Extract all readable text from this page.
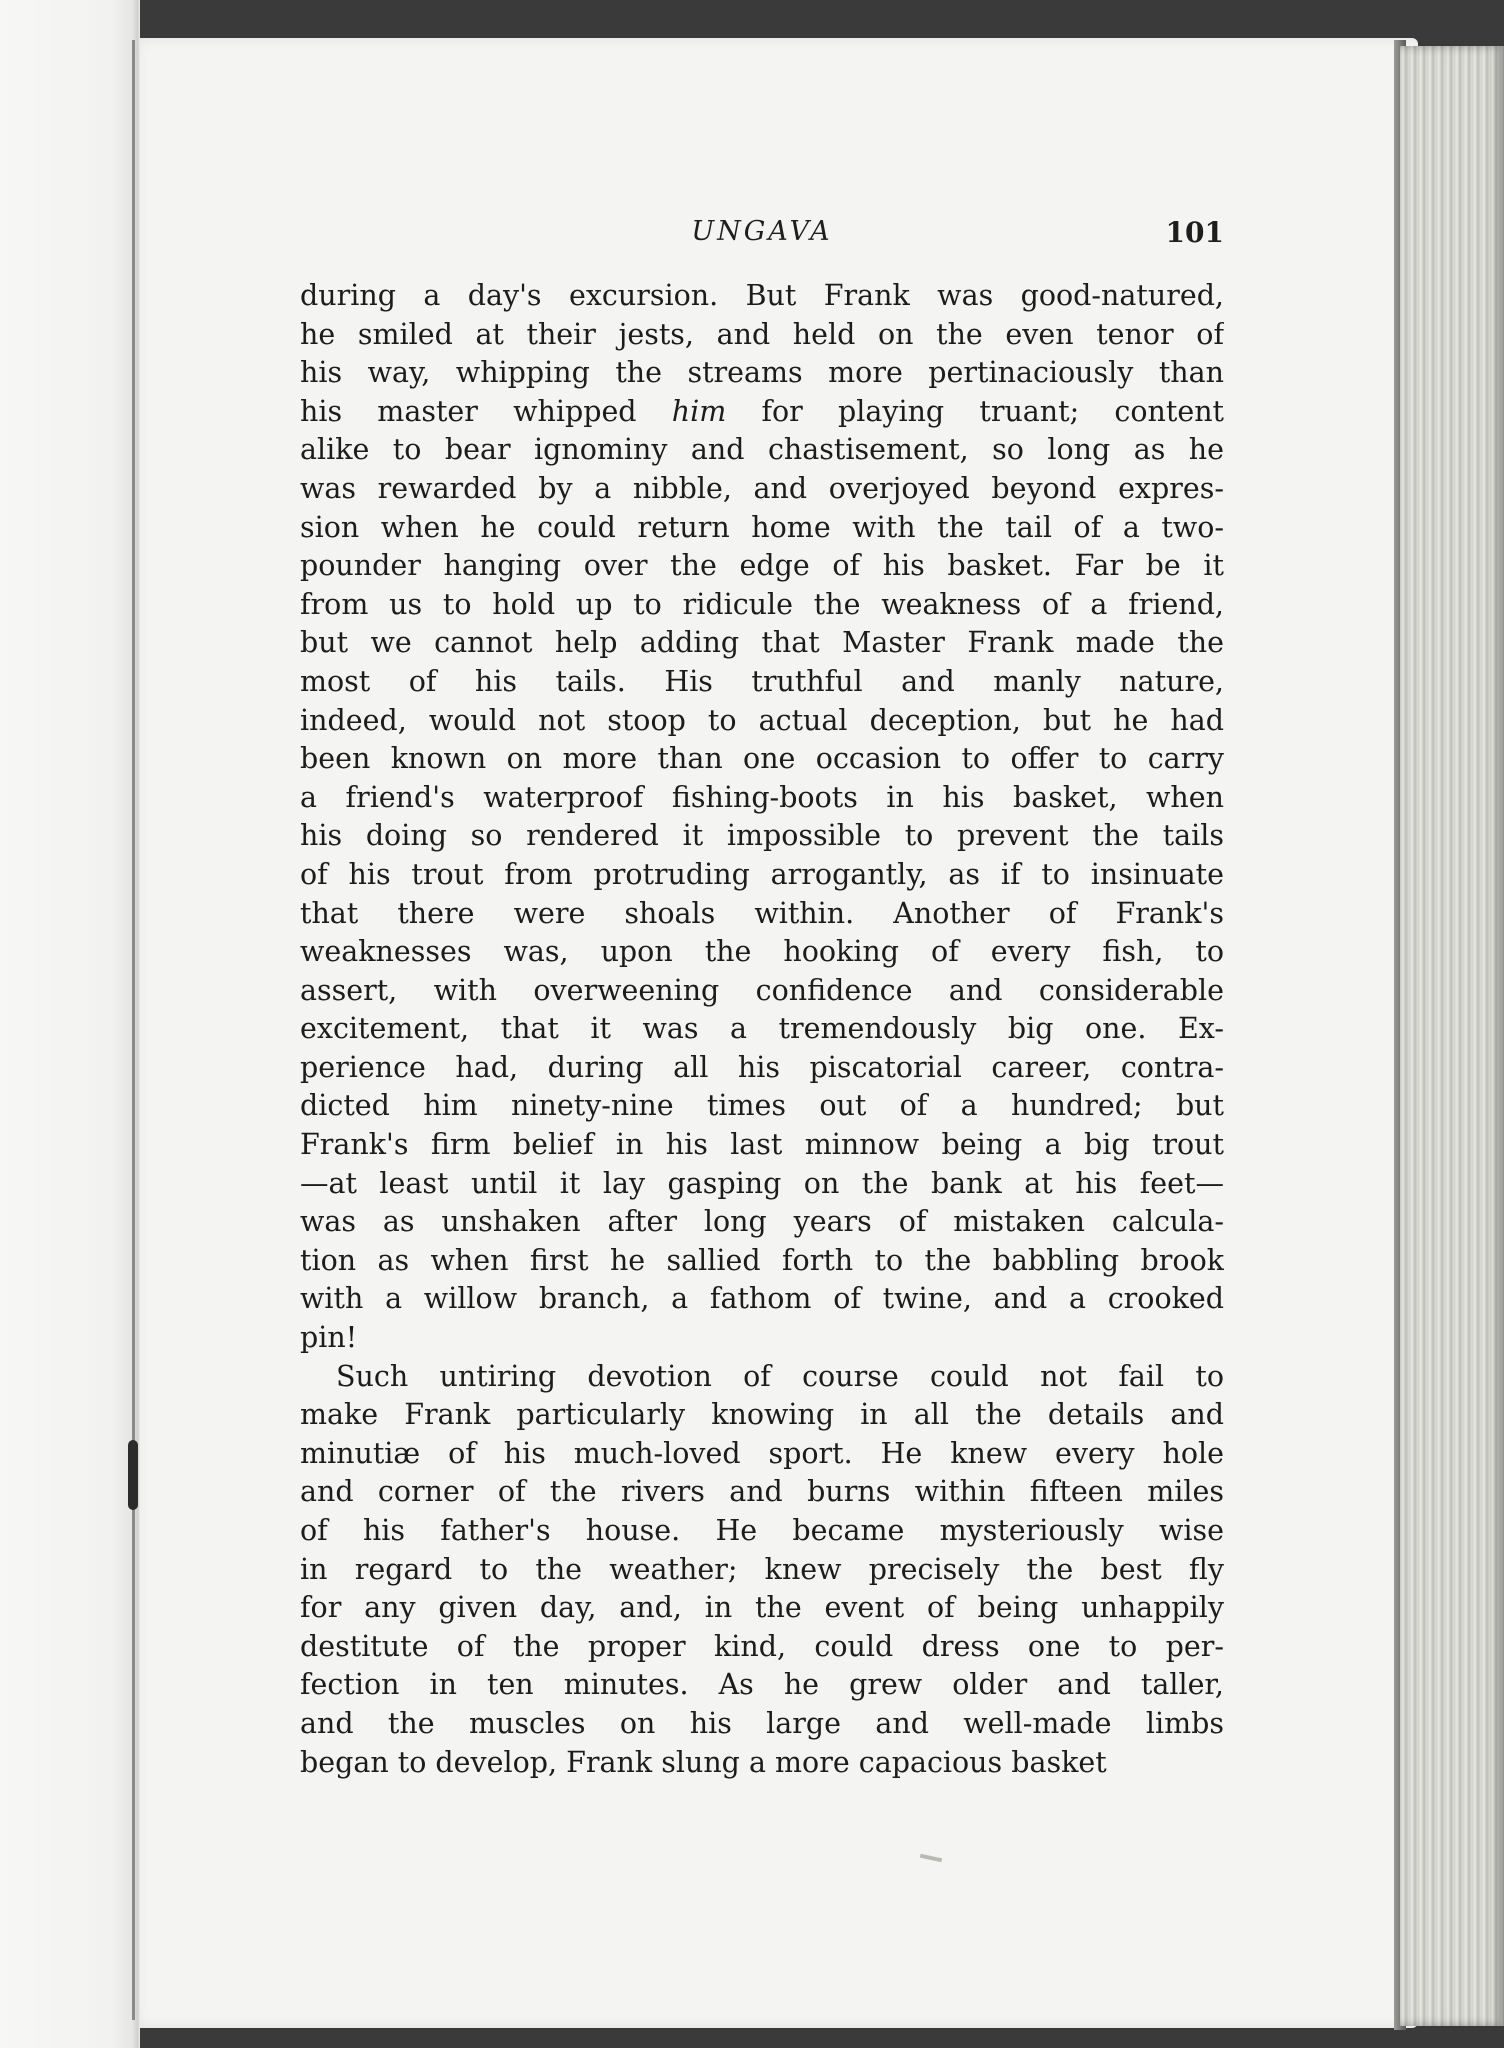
UNGAVA	101
during a day's excursion. But Frank was good-natured,
he smiled at their jests, and held on the even tenor of
his way, whipping the streams more pertinaciously than
his master whipped him for playing truant; content
alike to bear ignominy and chastisement, so long as he
was rewarded by a nibble, and overjoyed beyond expres-
sion when he could return home with the tail of a two-
pounder hanging over the edge of his basket. Far be it
from us to hold up to ridicule the weakness of a friend,
but we cannot help adding that Master Frank made the
most of his tails. His truthful and manly nature,
indeed, would not stoop to actual deception, but he had
been known on more than one occasion to offer to carry
a friend's waterproof fishing-boots in his basket, when
his doing so rendered it impossible to prevent the tails
of his trout from protruding arrogantly, as if to insinuate
that there were shoals within. Another of Frank's
weaknesses was, upon the hooking of every fish, to
assert, with overweening confidence and considerable
excitement, that it was a tremendously big one. Ex-
perience had, during all his piscatorial career, contra-
dicted him ninety-nine times out of a hundred; but
Frank's firm belief in his last minnow being a big trout
—at least until it lay gasping on the bank at his feet—
was as unshaken after long years of mistaken calcula-
tion as when first he sallied forth to the babbling brook
with a willow branch, a fathom of twine, and a crooked
pin!
Such untiring devotion of course could not fail to
make Frank particularly knowing in all the details and
minutiæ of his much-loved sport. He knew every hole
and corner of the rivers and burns within fifteen miles
of his father's house. He became mysteriously wise
in regard to the weather; knew precisely the best fly
for any given day, and, in the event of being unhappily
destitute of the proper kind, could dress one to per-
fection in ten minutes. As he grew older and taller,
and the muscles on his large and well-made limbs
began to develop, Frank slung a more capacious basket
